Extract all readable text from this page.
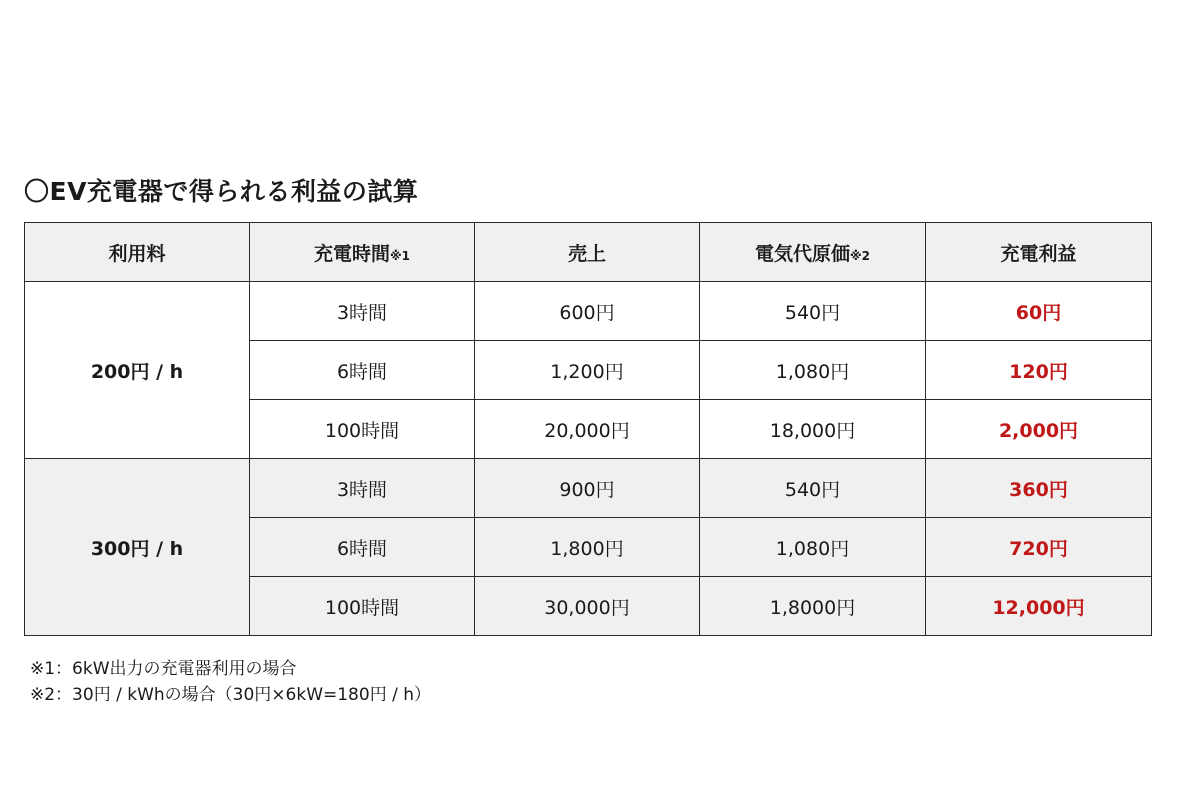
〇EV充電器で得られる利益の試算
利用料	充電時間※1	売上	電気代原価※2	充電利益
200円 / h	3時間	600円	540円	60円
	6時間	1,200円	1,080円	120円
	100時間	20,000円	18,000円	2,000円
300円 / h	3時間	900円	540円	360円
	6時間	1,800円	1,080円	720円
	100時間	30,000円	1,8000円	12,000円
※1：6kW出力の充電器利用の場合
※2：30円 / kWhの場合（30円×6kW=180円 / h）
